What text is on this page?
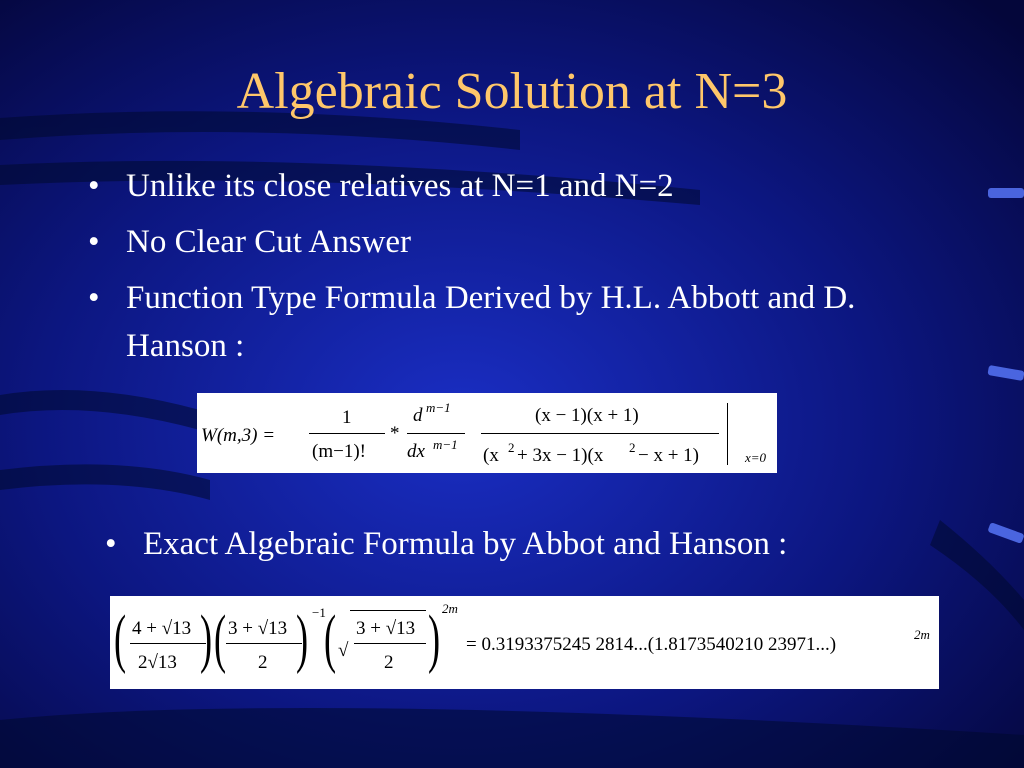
Algebraic Solution at N=3
• Unlike its close relatives at N=1 and N=2
• No Clear Cut Answer
• Function Type Formula Derived by H.L. Abbott and D. Hanson :
W(m,3) =
1
(m−1)!
*
d m−1
dx m−1
(x − 1)(x + 1)
(x 2 + 3x − 1)(x 2 − x + 1)	x=0
• Exact Algebraic Formula by Abbot and Hanson :
( 4 + √13
2√13 ) ( 3 + √13
2 ) −1
( √
3 + √13
2 ) 2m
= 0.3193375245 2814...(1.8173540210 23971...)	2m
